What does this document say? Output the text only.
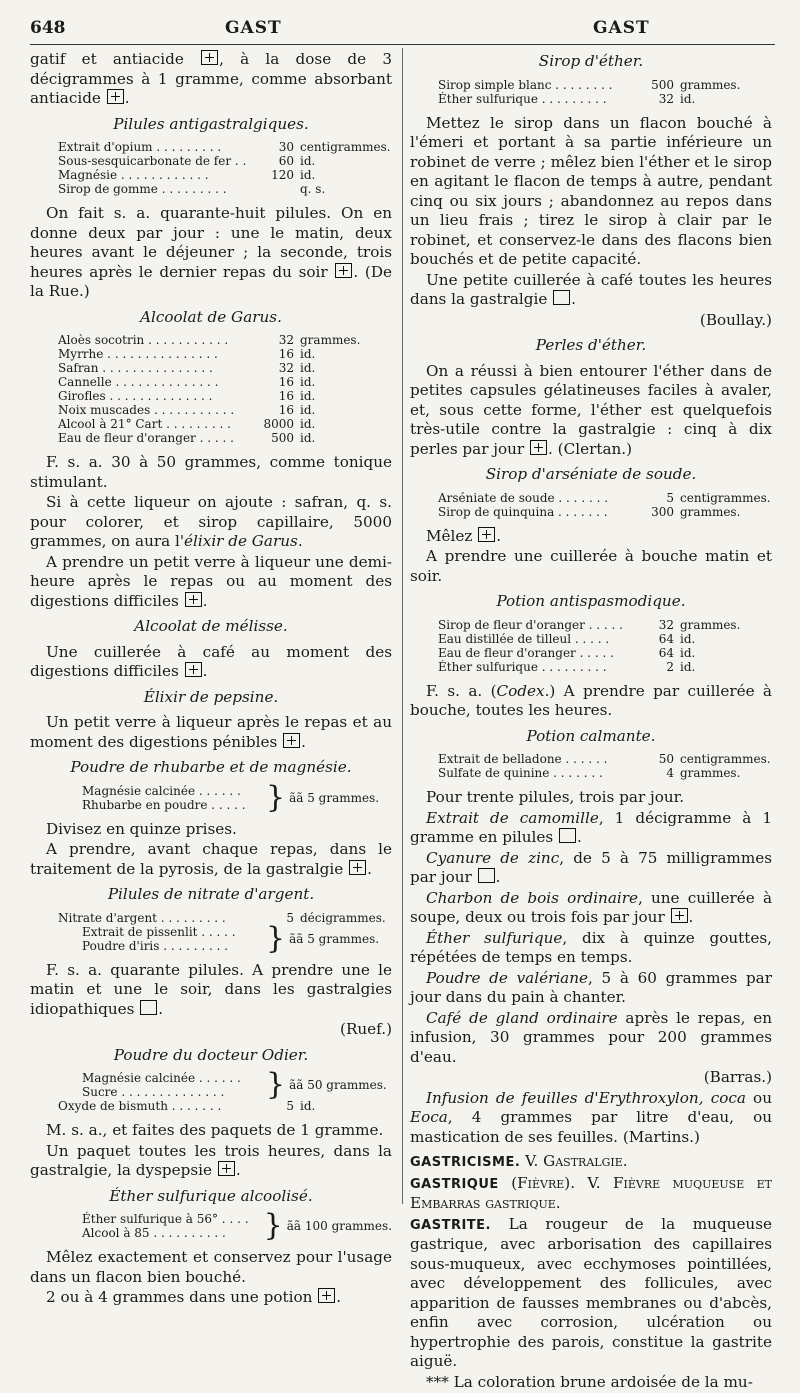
648	GAST	GAST

gatif et antiacide , à la dose de 3 décigrammes à 1 gramme, comme absorbant antiacide .

Pilules antigastralgiques.
Extrait d'opium . . . . . . . . .	30 centigrammes.
Sous-sesquicarbonate de fer . .	60 id.
Magnésie . . . . . . . . . . . .	120 id.
Sirop de gomme . . . . . . . . .	q. s.

On fait s. a. quarante-huit pilules. On en donne deux par jour : une le matin, deux heures avant le déjeuner ; la seconde, trois heures après le dernier repas du soir . (De la Rue.)

Alcoolat de Garus.
Aloès socotrin . . . . . . . . . . .	32 grammes.
Myrrhe . . . . . . . . . . . . . . .	16 id.
Safran . . . . . . . . . . . . . . .	32 id.
Cannelle . . . . . . . . . . . . . .	16 id.
Girofles . . . . . . . . . . . . . .	16 id.
Noix muscades . . . . . . . . . . .	16 id.
Alcool à 21° Cart . . . . . . . . .	8000 id.
Eau de fleur d'oranger . . . . .	500 id.

F. s. a. 30 à 50 grammes, comme tonique stimulant.

Si à cette liqueur on ajoute : safran, q. s. pour colorer, et sirop capillaire, 5000 grammes, on aura l'élixir de Garus.

A prendre un petit verre à liqueur une demi-heure après le repas ou au moment des digestions difficiles .

Alcoolat de mélisse.

Une cuillerée à café au moment des digestions difficiles .

Élixir de pepsine.

Un petit verre à liqueur après le repas et au moment des digestions pénibles .

Poudre de rhubarbe et de magnésie.
Magnésie calcinée . . . . . .
Rhubarbe en poudre . . . . . } ãã 5 grammes.

Divisez en quinze prises.

A prendre, avant chaque repas, dans le traitement de la pyrosis, de la gastralgie .

Pilules de nitrate d'argent.
Nitrate d'argent . . . . . . . . .	5 décigrammes.
Extrait de pissenlit . . . . .
Poudre d'iris . . . . . . . . .	} ãã 5 grammes.

F. s. a. quarante pilules. A prendre une le matin et une le soir, dans les gastralgies idiopathiques .

(Ruef.)

Poudre du docteur Odier.
Magnésie calcinée . . . . . .
Sucre . . . . . . . . . . . . . .	} ãã 50 grammes.
Oxyde de bismuth . . . . . . .	5 id.

M. s. a., et faites des paquets de 1 gramme.

Un paquet toutes les trois heures, dans la gastralgie, la dyspepsie .

Éther sulfurique alcoolisé.
Éther sulfurique à 56° . . . .
Alcool à 85 . . . . . . . . . .	} ãã 100 grammes.

Mêlez exactement et conservez pour l'usage dans un flacon bien bouché.

2 ou à 4 grammes dans une potion .

Sirop d'éther.
Sirop simple blanc . . . . . . . .	500 grammes.
Éther sulfurique . . . . . . . . .	32 id.

Mettez le sirop dans un flacon bouché à l'émeri et portant à sa partie inférieure un robinet de verre ; mêlez bien l'éther et le sirop en agitant le flacon de temps à autre, pendant cinq ou six jours ; abandonnez au repos dans un lieu frais ; tirez le sirop à clair par le robinet, et conservez-le dans des flacons bien bouchés et de petite capacité.

Une petite cuillerée à café toutes les heures dans la gastralgie .

(Boullay.)

Perles d'éther.

On a réussi à bien entourer l'éther dans de petites capsules gélatineuses faciles à avaler, et, sous cette forme, l'éther est quelquefois très-utile contre la gastralgie : cinq à dix perles par jour . (Clertan.)

Sirop d'arséniate de soude.
Arséniate de soude . . . . . . .	5 centigrammes.
Sirop de quinquina . . . . . . .	300 grammes.

Mêlez .

A prendre une cuillerée à bouche matin et soir.

Potion antispasmodique.
Sirop de fleur d'oranger . . . . .	32 grammes.
Eau distillée de tilleul . . . . .	64 id.
Eau de fleur d'oranger . . . . .	64 id.
Éther sulfurique . . . . . . . . .	2 id.

F. s. a. (Codex.) A prendre par cuillerée à bouche, toutes les heures.

Potion calmante.
Extrait de belladone . . . . . .	50 centigrammes.
Sulfate de quinine . . . . . . .	4 grammes.

Pour trente pilules, trois par jour.

Extrait de camomille, 1 décigramme à 1 gramme en pilules .

Cyanure de zinc, de 5 à 75 milligrammes par jour .

Charbon de bois ordinaire, une cuillerée à soupe, deux ou trois fois par jour .

Éther sulfurique, dix à quinze gouttes, répétées de temps en temps.

Poudre de valériane, 5 à 60 grammes par jour dans du pain à chanter.

Café de gland ordinaire après le repas, en infusion, 30 grammes pour 200 grammes d'eau.

(Barras.)

Infusion de feuilles d'Erythroxylon, coca ou Eoca, 4 grammes par litre d'eau, ou mastication de ses feuilles. (Martins.)

GASTRICISME. V. Gastralgie.

GASTRIQUE (Fièvre). V. Fièvre muqueuse et Embarras gastrique.

GASTRITE. La rougeur de la muqueuse gastrique, avec arborisation des capillaires sous-muqueux, avec ecchymoses pointillées, avec développement des follicules, avec apparition de fausses membranes ou d'abcès, enfin avec corrosion, ulcération ou hypertrophie des parois, constitue la gastrite aiguë.

*** La coloration brune ardoisée de la mu-
